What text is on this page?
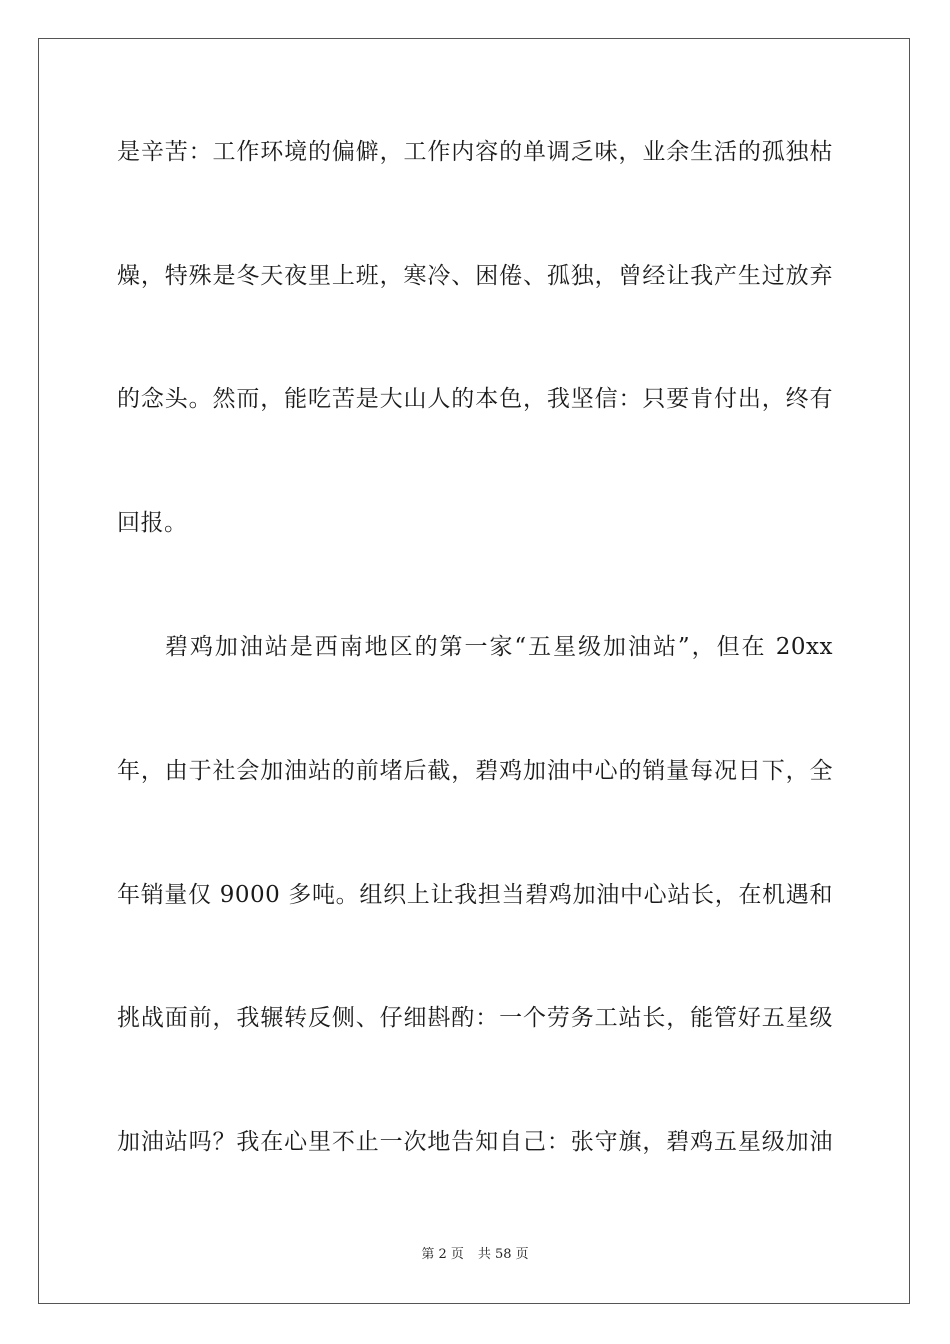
是辛苦：工作环境的偏僻，工作内容的单调乏味，业余生活的孤独枯
燥，特殊是冬天夜里上班，寒冷、困倦、孤独，曾经让我产生过放弃
的念头。然而，能吃苦是大山人的本色，我坚信：只要肯付出，终有
回报。
碧鸡加油站是西南地区的第一家“五星级加油站”，但在 20xx
年，由于社会加油站的前堵后截，碧鸡加油中心的销量每况日下，全
年销量仅 9000 多吨。组织上让我担当碧鸡加油中心站长，在机遇和
挑战面前，我辗转反侧、仔细斟酌：一个劳务工站长，能管好五星级
加油站吗？我在心里不止一次地告知自己：张守旗，碧鸡五星级加油
第 2 页 共 58 页
